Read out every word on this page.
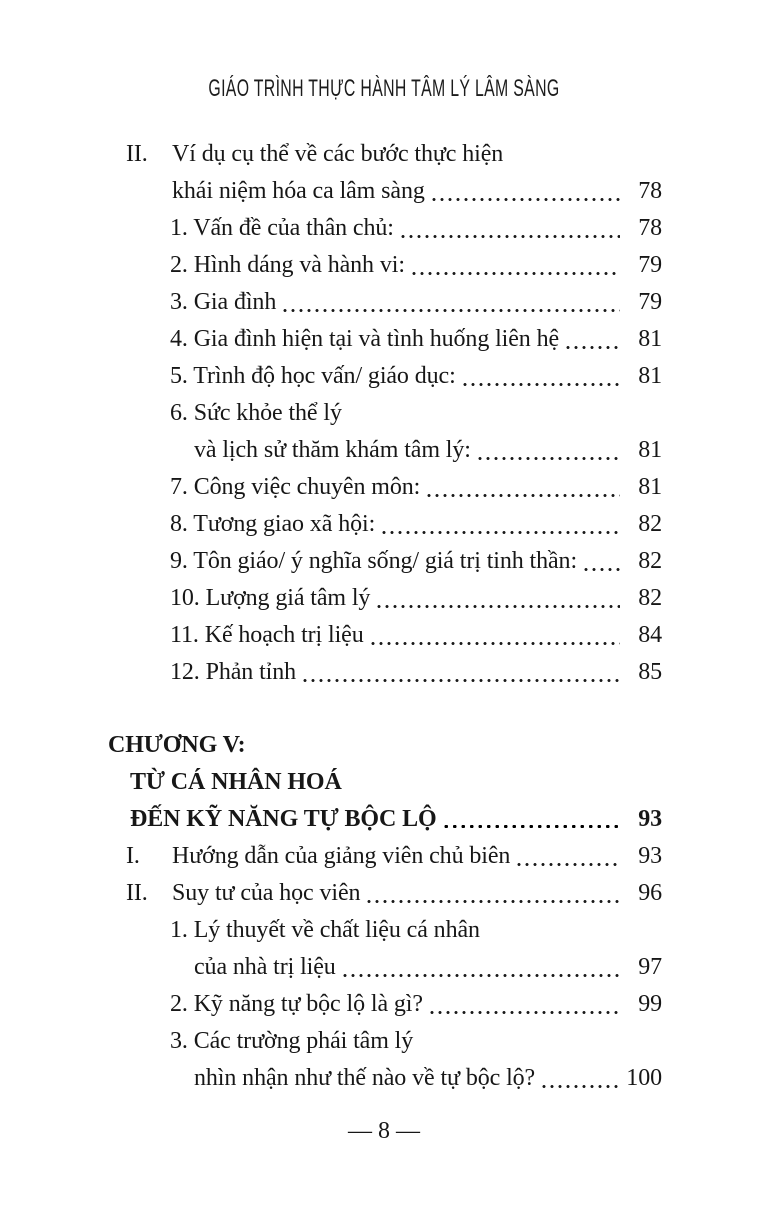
GIÁO TRÌNH THỰC HÀNH TÂM LÝ LÂM SÀNG
II.	Ví dụ cụ thể về các bước thực hiện
khái niệm hóa ca lâm sàng	78
1. Vấn đề của thân chủ:	78
2. Hình dáng và hành vi:	79
3. Gia đình	79
4. Gia đình hiện tại và tình huống liên hệ	81
5. Trình độ học vấn/ giáo dục:	81
6. Sức khỏe thể lý
và lịch sử thăm khám tâm lý:	81
7. Công việc chuyên môn:	81
8. Tương giao xã hội:	82
9. Tôn giáo/ ý nghĩa sống/ giá trị tinh thần:	82
10. Lượng giá tâm lý	82
11. Kế hoạch trị liệu	84
12. Phản tỉnh	85
CHƯƠNG V:
TỪ CÁ NHÂN HOÁ
ĐẾN KỸ NĂNG TỰ BỘC LỘ	93
I.	Hướng dẫn của giảng viên chủ biên	93
II.	Suy tư của học viên	96
1. Lý thuyết về chất liệu cá nhân
của nhà trị liệu	97
2. Kỹ năng tự bộc lộ là gì?	99
3. Các trường phái tâm lý
nhìn nhận như thế nào về tự bộc lộ?	100
— 8 —
